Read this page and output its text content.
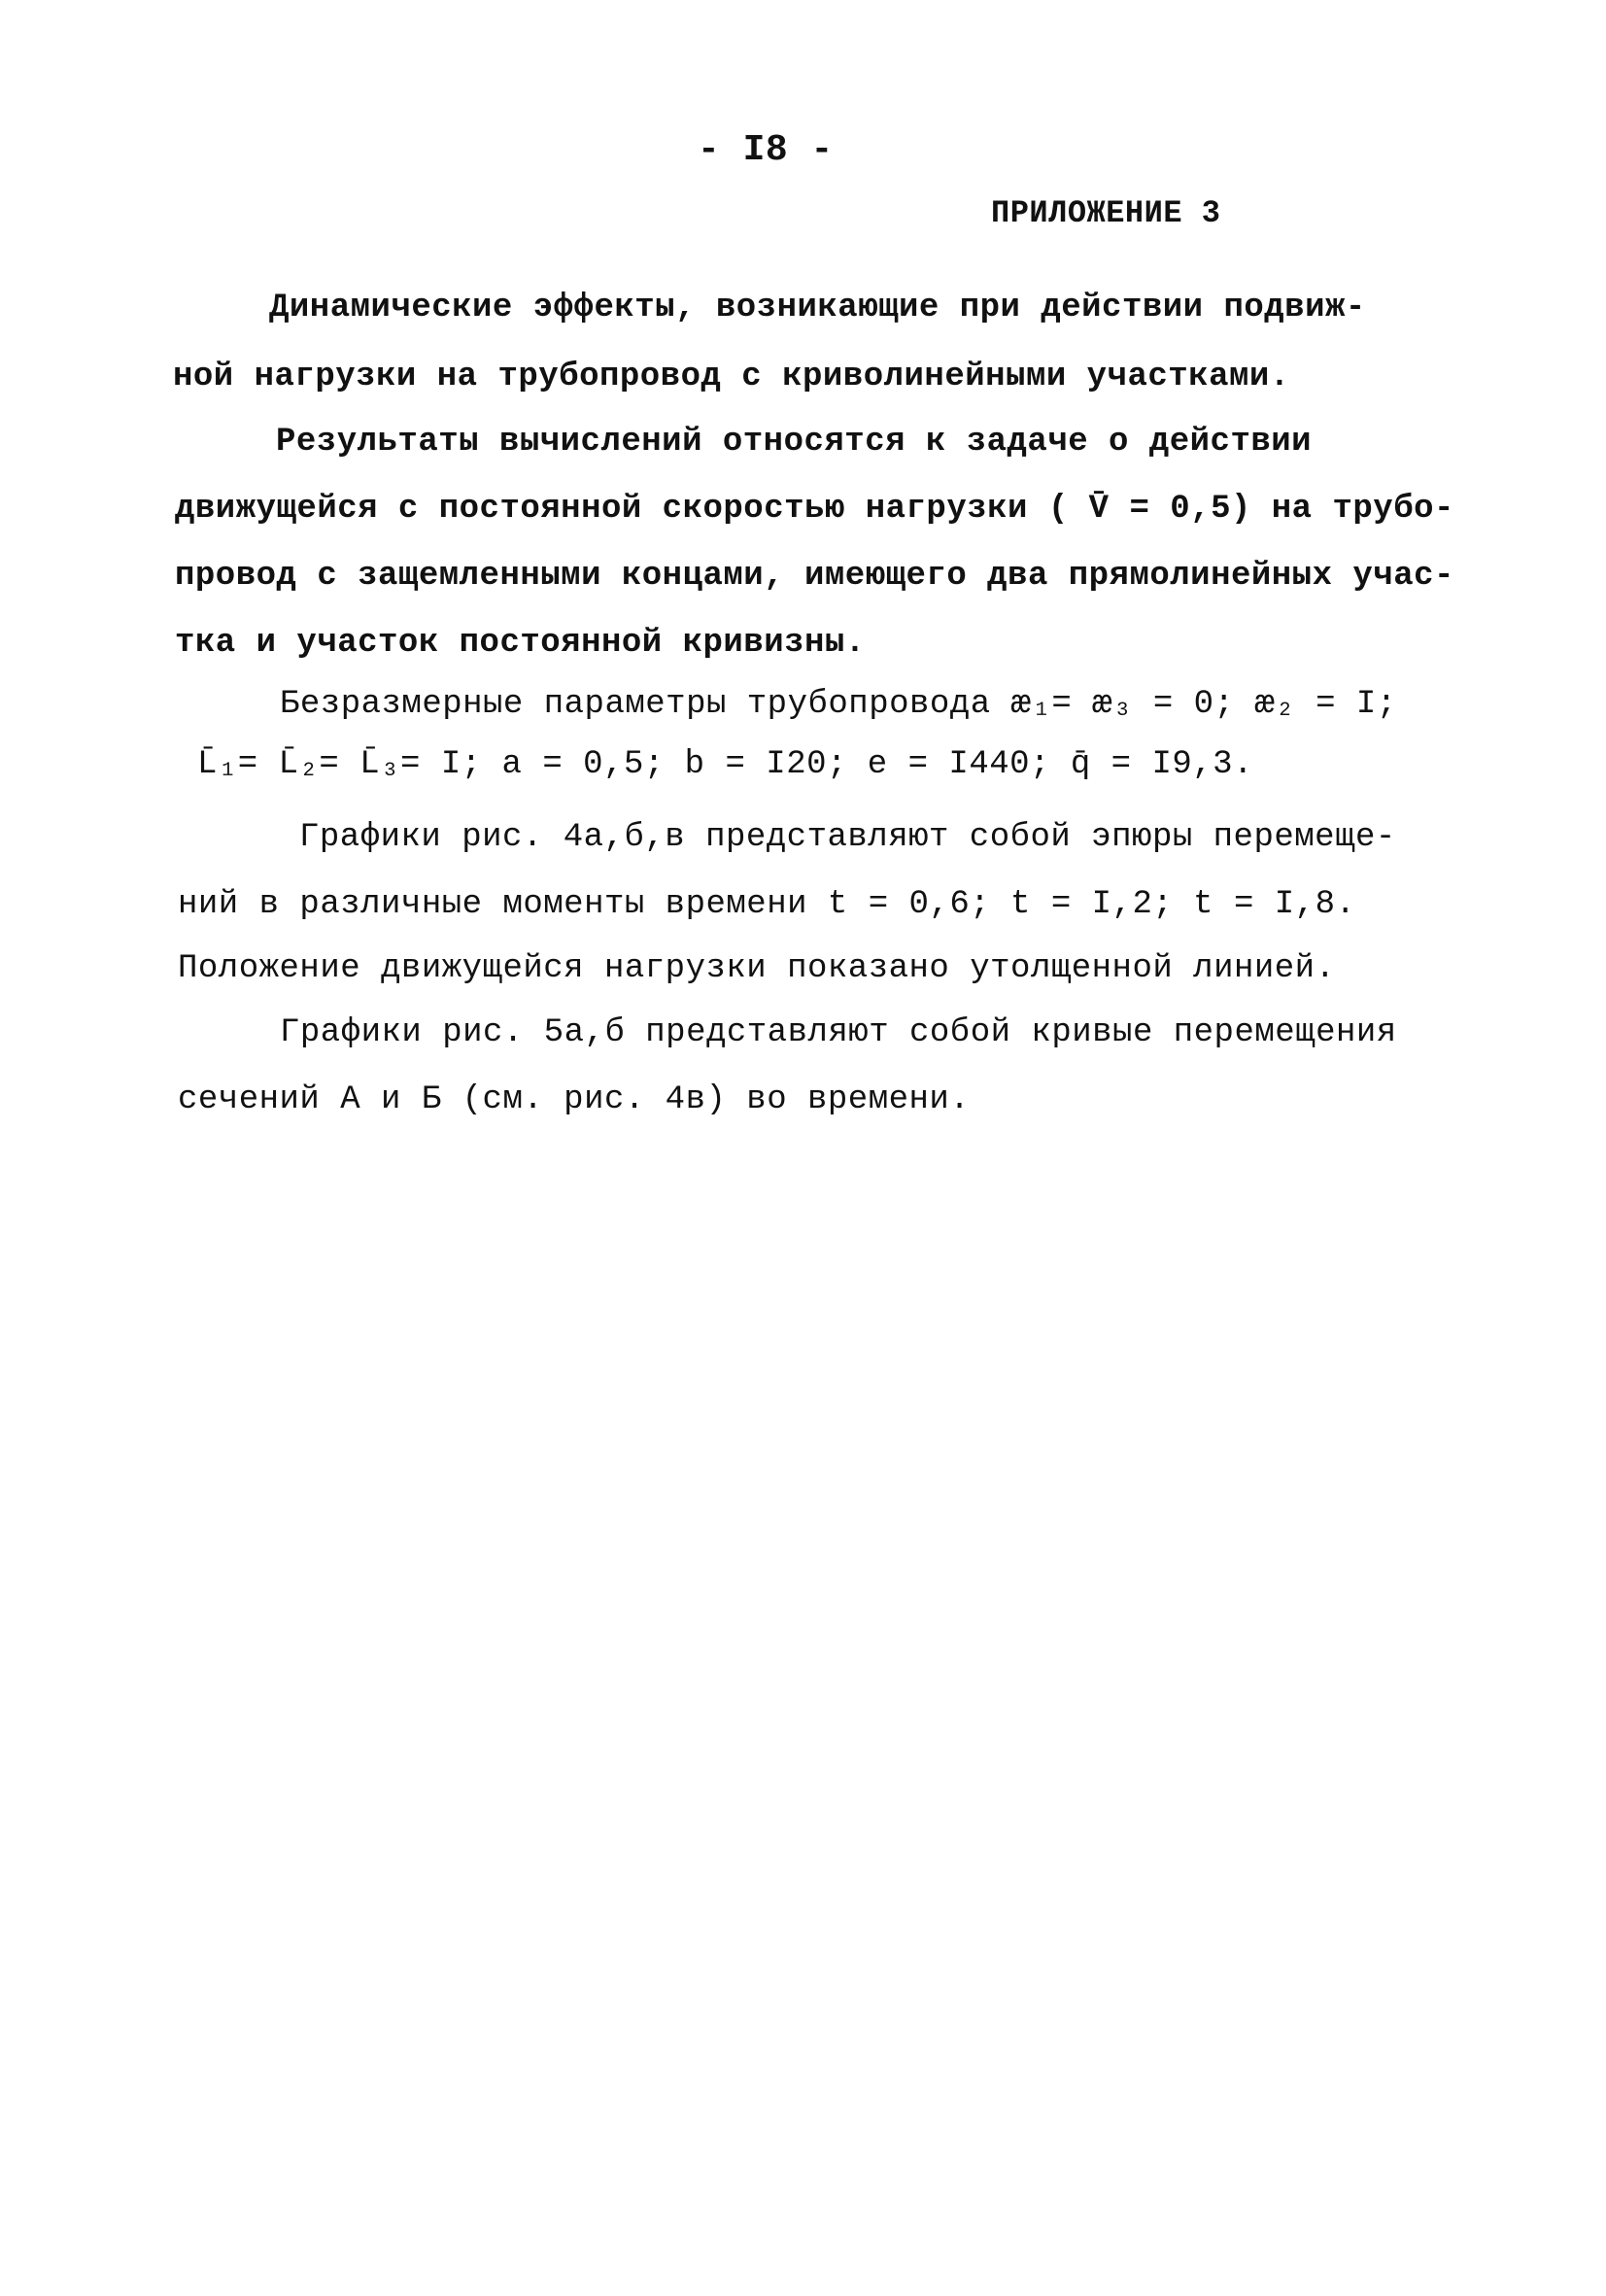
- I8 -
ПРИЛОЖЕНИЕ 3
Динамические эффекты, возникающие при действии подвиж-
ной нагрузки на трубопровод с криволинейными участками.
Результаты вычислений относятся к задаче о действии
движущейся с постоянной скоростью нагрузки ( V̄ = 0,5) на трубо-
провод с защемленными концами, имеющего два прямолинейных учас-
тка и участок постоянной кривизны.
Безразмерные параметры трубопровода æ₁= æ₃ = 0; æ₂ = I;
L̄₁= L̄₂= L̄₃= I; a = 0,5; b = I20; e = I440; q̄ = I9,3.
Графики рис. 4а,б,в представляют собой эпюры перемеще-
ний в различные моменты времени t = 0,6; t = I,2; t = I,8.
Положение движущейся нагрузки показано утолщенной линией.
Графики рис. 5а,б представляют собой кривые перемещения
сечений А и Б (см. рис. 4в) во времени.
